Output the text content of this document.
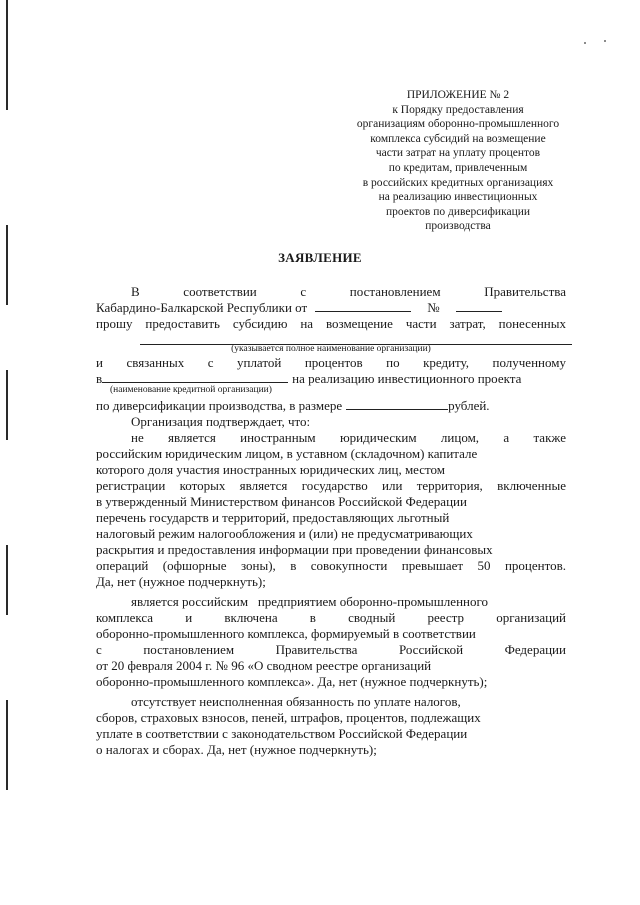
ПРИЛОЖЕНИЕ № 2
к Порядку предоставления
организациям оборонно-промышленного
комплекса субсидий на возмещение
части затрат на уплату процентов
по кредитам, привлеченным
в российских кредитных организациях
на реализацию инвестиционных
проектов по диверсификации
производства
ЗАЯВЛЕНИЕ
В	соответствии	с	постановлением	Правительства
Кабардино-Балкарской Республики от	№
прошу предоставить субсидию на возмещение части затрат, понесенных
(указывается полное наименование организации)
и связанных с уплатой процентов по кредиту, полученному
в	на реализацию инвестиционного проекта
(наименование кредитной организации)
по диверсификации производства, в размере	рублей.
Организация подтверждает, что:
не является иностранным юридическим лицом, а также
российским юридическим лицом, в уставном (складочном) капитале
которого доля участия иностранных юридических лиц, местом
регистрации которых является государство или территория, включенные
в утвержденный Министерством финансов Российской Федерации
перечень государств и территорий, предоставляющих льготный
налоговый режим налогообложения и (или) не предусматривающих
раскрытия и предоставления информации при проведении финансовых
операций (офшорные зоны), в совокупности превышает 50 процентов.
Да, нет (нужное подчеркнуть);
является российским   предприятием оборонно-промышленного
комплекса и включена в сводный реестр организаций
оборонно-промышленного комплекса, формируемый в соответствии
с	постановлением	Правительства	Российской	Федерации
от 20 февраля 2004 г. № 96 «О сводном реестре организаций
оборонно-промышленного комплекса». Да, нет (нужное подчеркнуть);
отсутствует неисполненная обязанность по уплате налогов,
сборов, страховых взносов, пеней, штрафов, процентов, подлежащих
уплате в соответствии с законодательством Российской Федерации
о налогах и сборах. Да, нет (нужное подчеркнуть);
